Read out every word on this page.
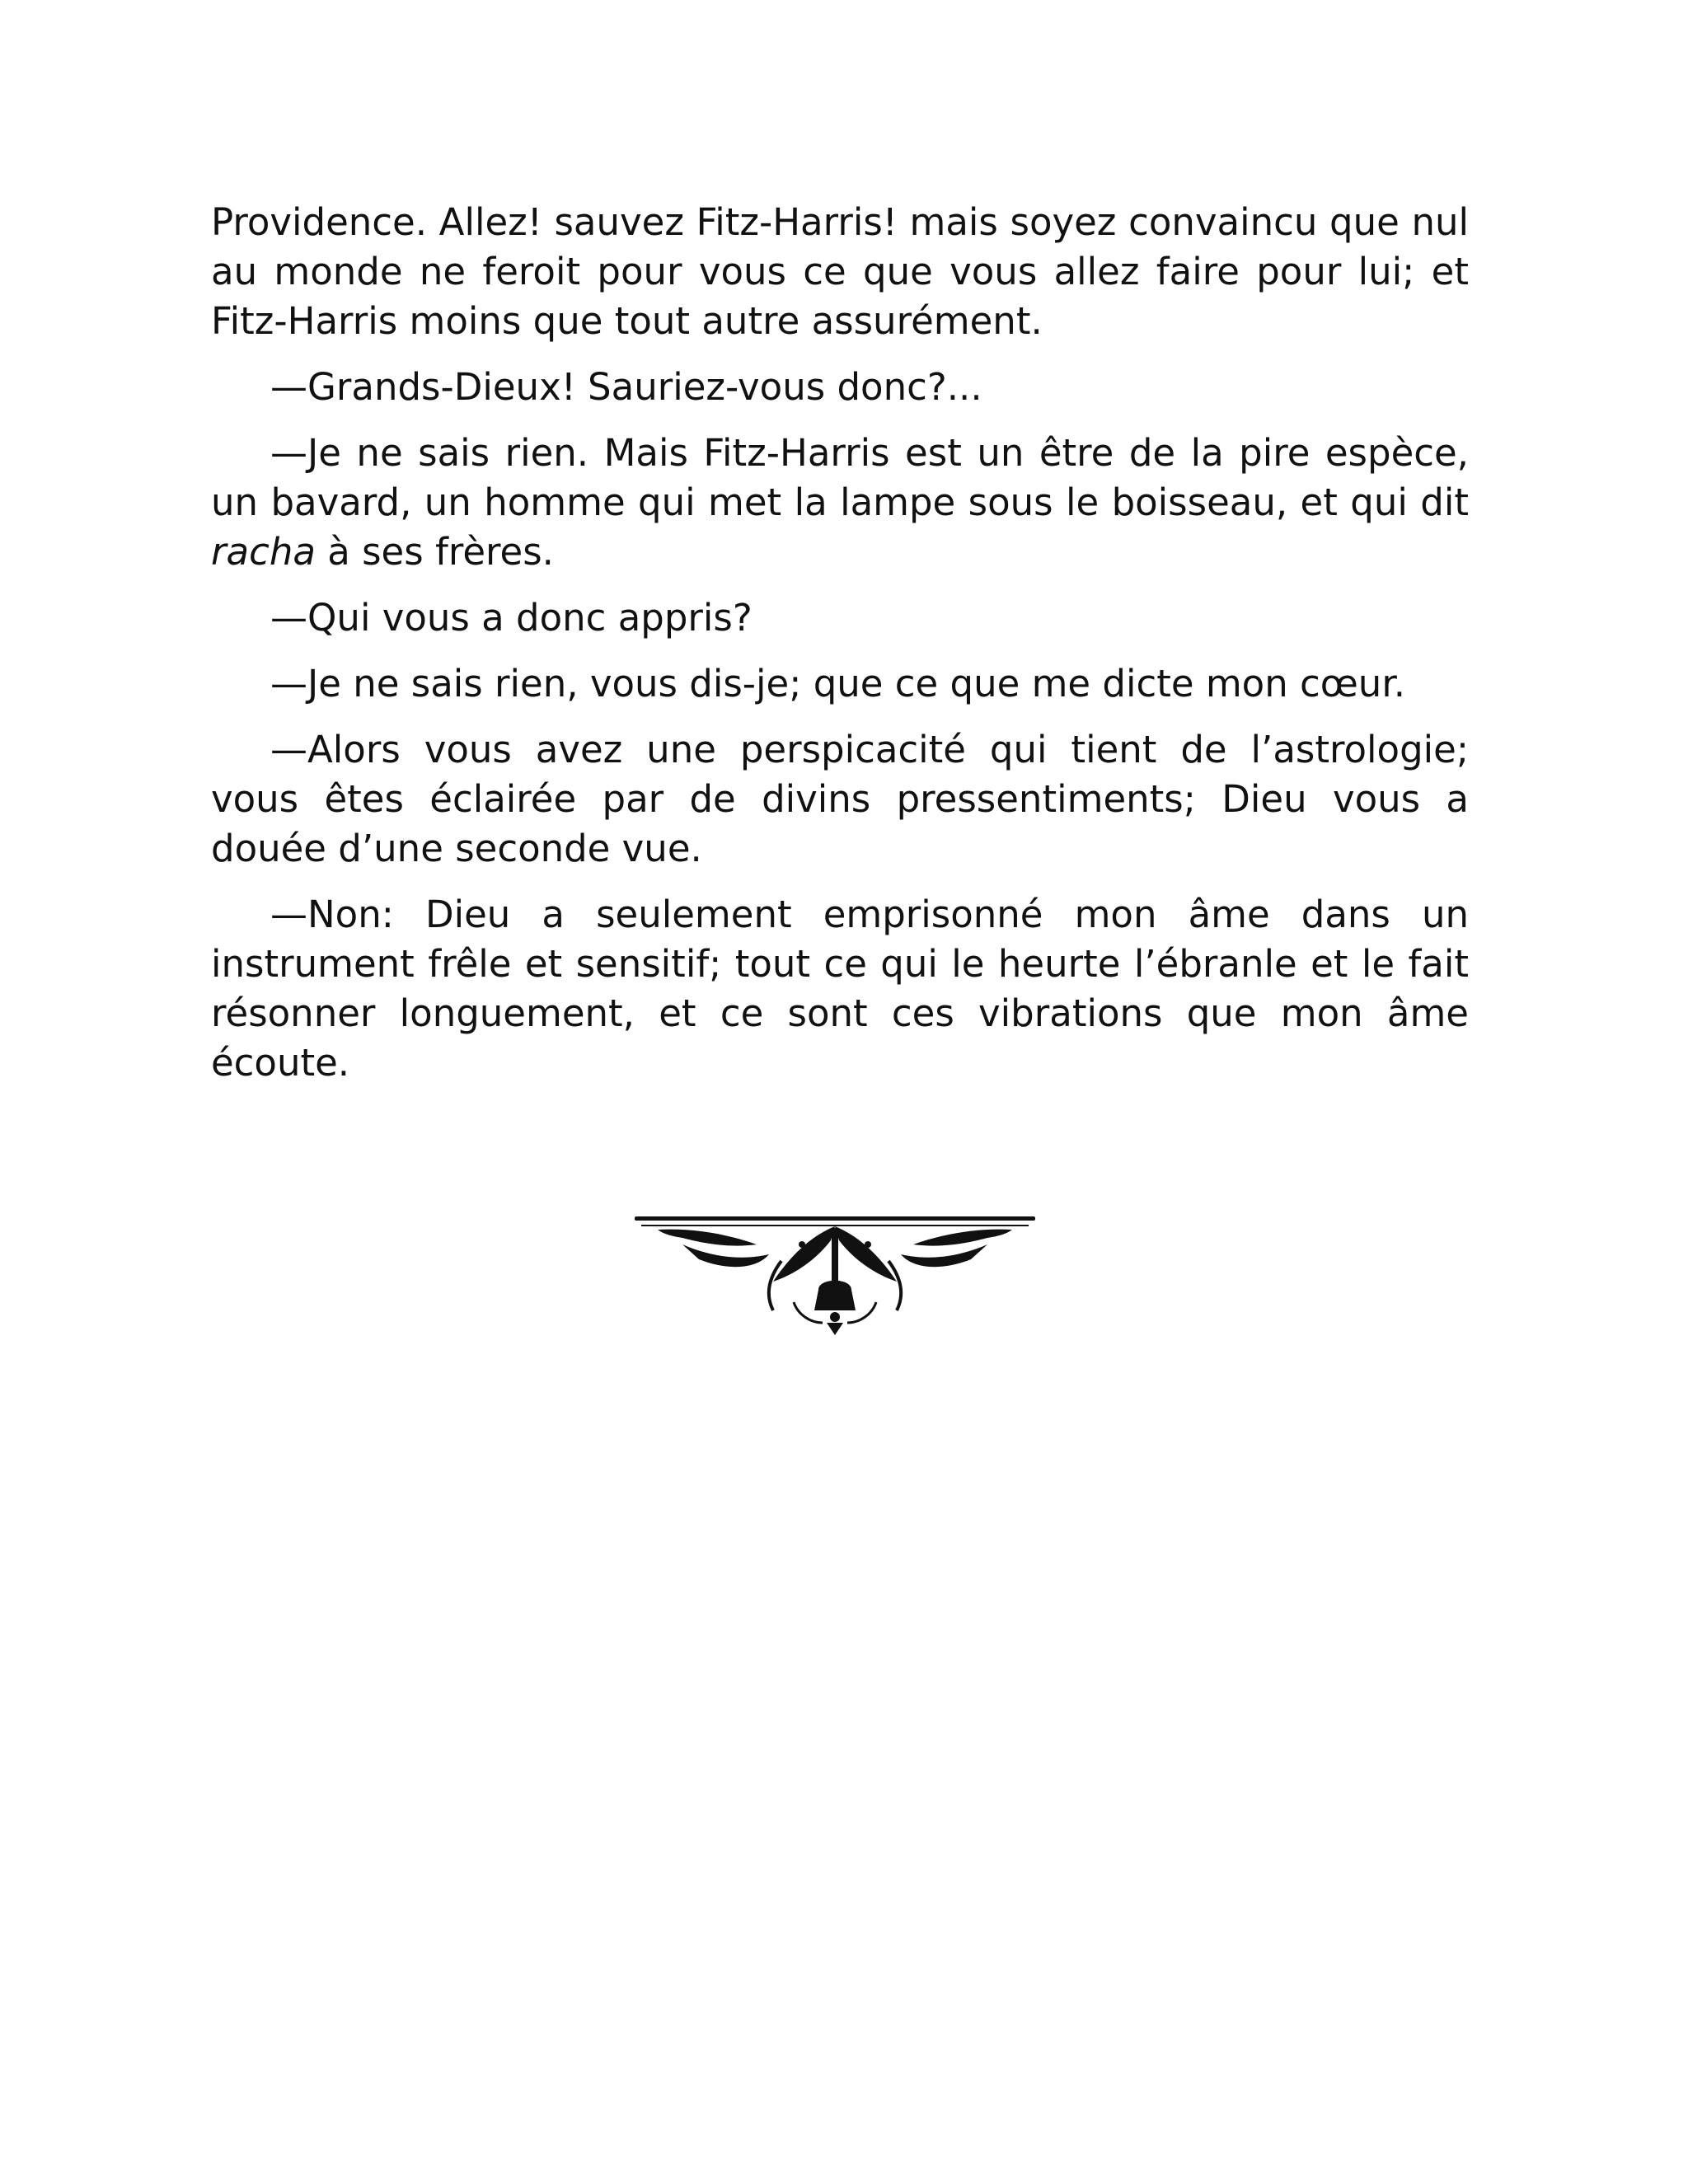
Providence. Allez! sauvez Fitz-Harris! mais soyez convaincu que nul au monde ne feroit pour vous ce que vous allez faire pour lui; et Fitz-Harris moins que tout autre assurément.

—Grands-Dieux! Sauriez-vous donc?...

—Je ne sais rien. Mais Fitz-Harris est un être de la pire espèce, un bavard, un homme qui met la lampe sous le boisseau, et qui dit racha à ses frères.

—Qui vous a donc appris?

—Je ne sais rien, vous dis-je; que ce que me dicte mon cœur.

—Alors vous avez une perspicacité qui tient de l’astrologie; vous êtes éclairée par de divins pressentiments; Dieu vous a douée d’une seconde vue.

—Non: Dieu a seulement emprisonné mon âme dans un instrument frêle et sensitif; tout ce qui le heurte l’ébranle et le fait résonner longuement, et ce sont ces vibrations que mon âme écoute.
